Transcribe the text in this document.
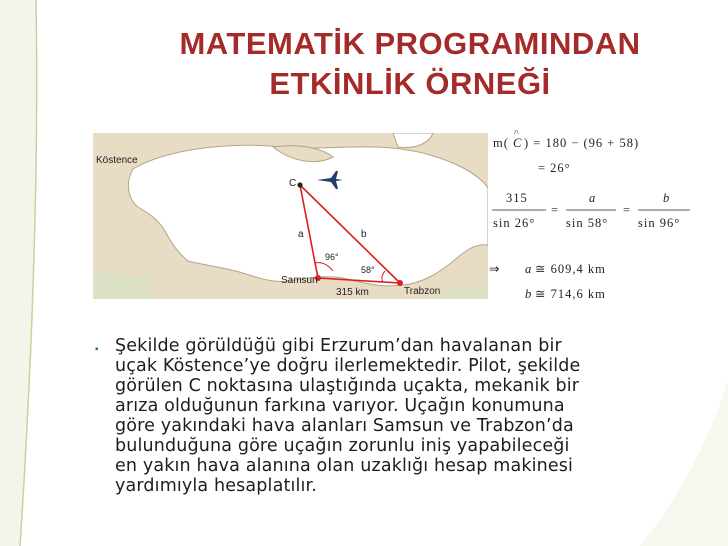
MATEMATİK PROGRAMINDAN
ETKİNLİK ÖRNEĞİ
Köstence
C
a	b
96°
58°
Samsun
Trabzon
315 km
m( C
^
) = 180 − (96 + 58)
= 26°
315
sin 26°
=
a
sin 58°
=
b
sin 96°
⇒ a ≅ 609,4 km
b ≅ 714,6 km
▪ Şekilde görüldüğü gibi Erzurum’dan havalanan bir
uçak Köstence’ye doğru ilerlemektedir. Pilot, şekilde
görülen C noktasına ulaştığında uçakta, mekanik bir
arıza olduğunun farkına varıyor. Uçağın konumuna
göre yakındaki hava alanları Samsun ve Trabzon’da
bulunduğuna göre uçağın zorunlu iniş yapabileceği
en yakın hava alanına olan uzaklığı hesap makinesi
yardımıyla hesaplatılır.
